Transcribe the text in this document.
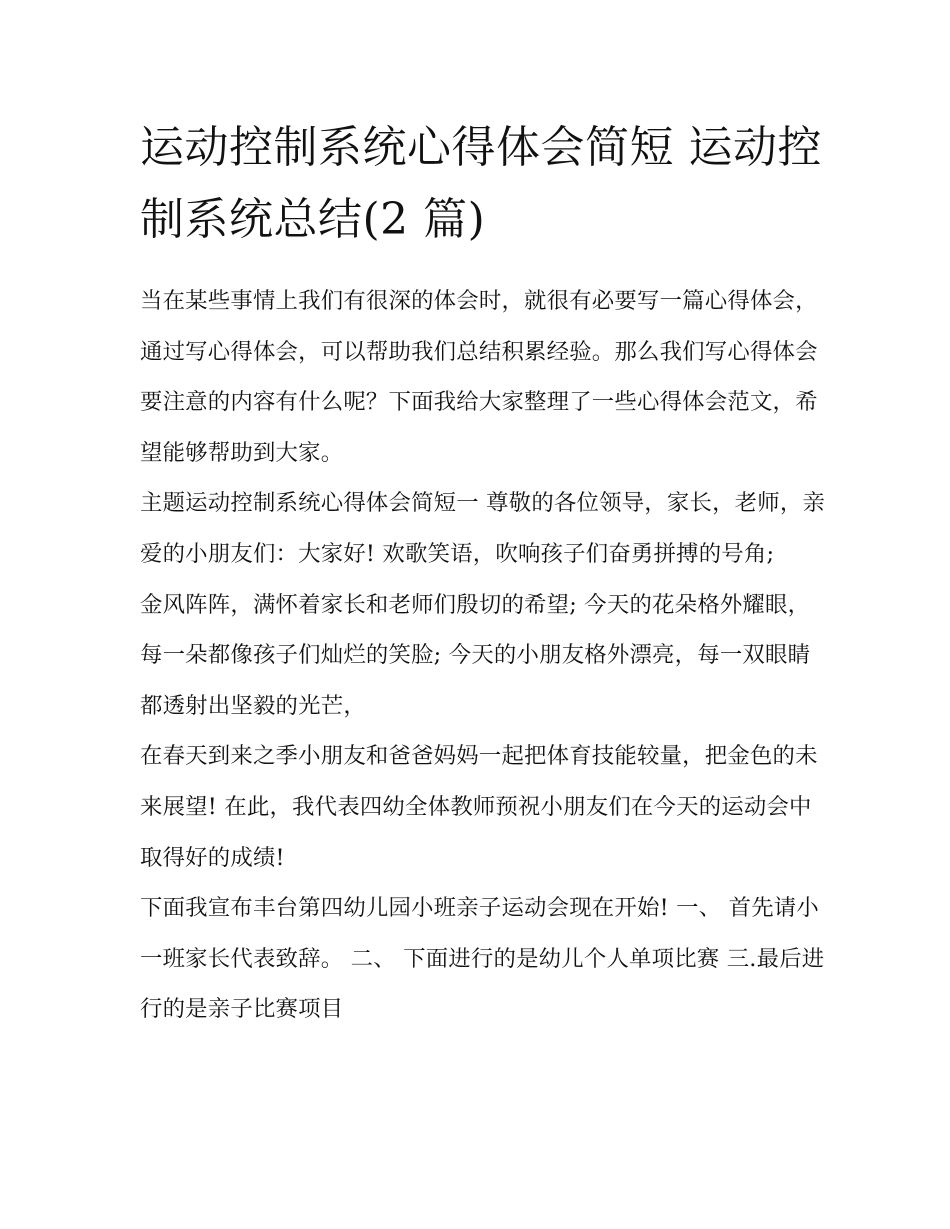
运动控制系统心得体会简短 运动控制系统总结(2 篇)

当在某些事情上我们有很深的体会时，就很有必要写一篇心得体会，通过写心得体会，可以帮助我们总结积累经验。那么我们写心得体会要注意的内容有什么呢？下面我给大家整理了一些心得体会范文，希望能够帮助到大家。

主题运动控制系统心得体会简短一 尊敬的各位领导，家长，老师，亲爱的小朋友们：大家好! 欢歌笑语，吹响孩子们奋勇拼搏的号角;

金风阵阵，满怀着家长和老师们殷切的希望; 今天的花朵格外耀眼，每一朵都像孩子们灿烂的笑脸; 今天的小朋友格外漂亮，每一双眼睛都透射出坚毅的光芒，

在春天到来之季小朋友和爸爸妈妈一起把体育技能较量，把金色的未来展望! 在此，我代表四幼全体教师预祝小朋友们在今天的运动会中取得好的成绩!

下面我宣布丰台第四幼儿园小班亲子运动会现在开始! 一、 首先请小一班家长代表致辞。 二、 下面进行的是幼儿个人单项比赛 三.最后进行的是亲子比赛项目
